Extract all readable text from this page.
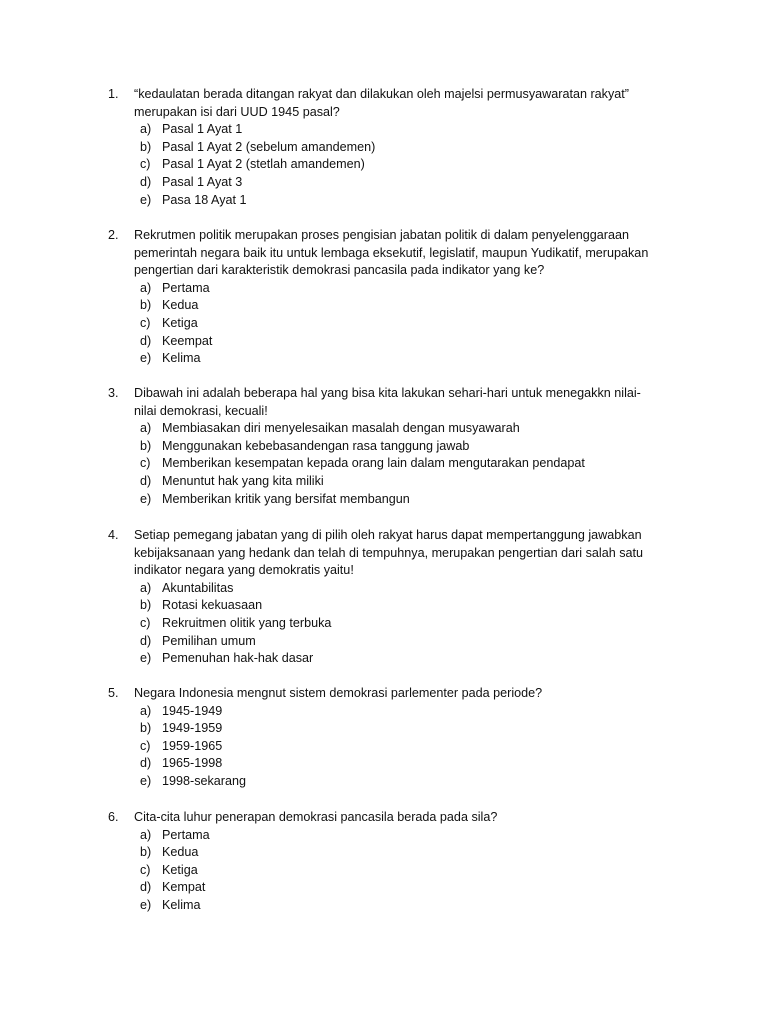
1.	“kedaulatan berada ditangan rakyat dan dilakukan oleh majelsi permusyawaratan rakyat”
merupakan isi dari UUD 1945 pasal?
a) Pasal 1 Ayat 1
b) Pasal 1 Ayat 2 (sebelum amandemen)
c) Pasal 1 Ayat 2 (stetlah amandemen)
d) Pasal 1 Ayat 3
e) Pasa 18 Ayat 1
2.	Rekrutmen politik merupakan proses pengisian jabatan politik di dalam penyelenggaraan
pemerintah negara baik itu untuk lembaga eksekutif, legislatif, maupun Yudikatif, merupakan
pengertian dari karakteristik demokrasi pancasila pada indikator yang ke?
a) Pertama
b) Kedua
c) Ketiga
d) Keempat
e) Kelima
3.	Dibawah ini adalah beberapa hal yang bisa kita lakukan sehari-hari untuk menegakkn nilai-
nilai demokrasi, kecuali!
a) Membiasakan diri menyelesaikan masalah dengan musyawarah
b) Menggunakan kebebasandengan rasa tanggung jawab
c) Memberikan kesempatan kepada orang lain dalam mengutarakan pendapat
d) Menuntut hak yang kita miliki
e) Memberikan kritik yang bersifat membangun
4.	Setiap pemegang jabatan yang di pilih oleh rakyat harus dapat mempertanggung jawabkan
kebijaksanaan yang hedank dan telah di tempuhnya, merupakan pengertian dari salah satu
indikator negara yang demokratis yaitu!
a) Akuntabilitas
b) Rotasi kekuasaan
c) Rekruitmen olitik yang terbuka
d) Pemilihan umum
e) Pemenuhan hak-hak dasar
5.	Negara Indonesia mengnut sistem demokrasi parlementer pada periode?
a) 1945-1949
b) 1949-1959
c) 1959-1965
d) 1965-1998
e) 1998-sekarang
6.	Cita-cita luhur penerapan demokrasi pancasila berada pada sila?
a) Pertama
b) Kedua
c) Ketiga
d) Kempat
e) Kelima
